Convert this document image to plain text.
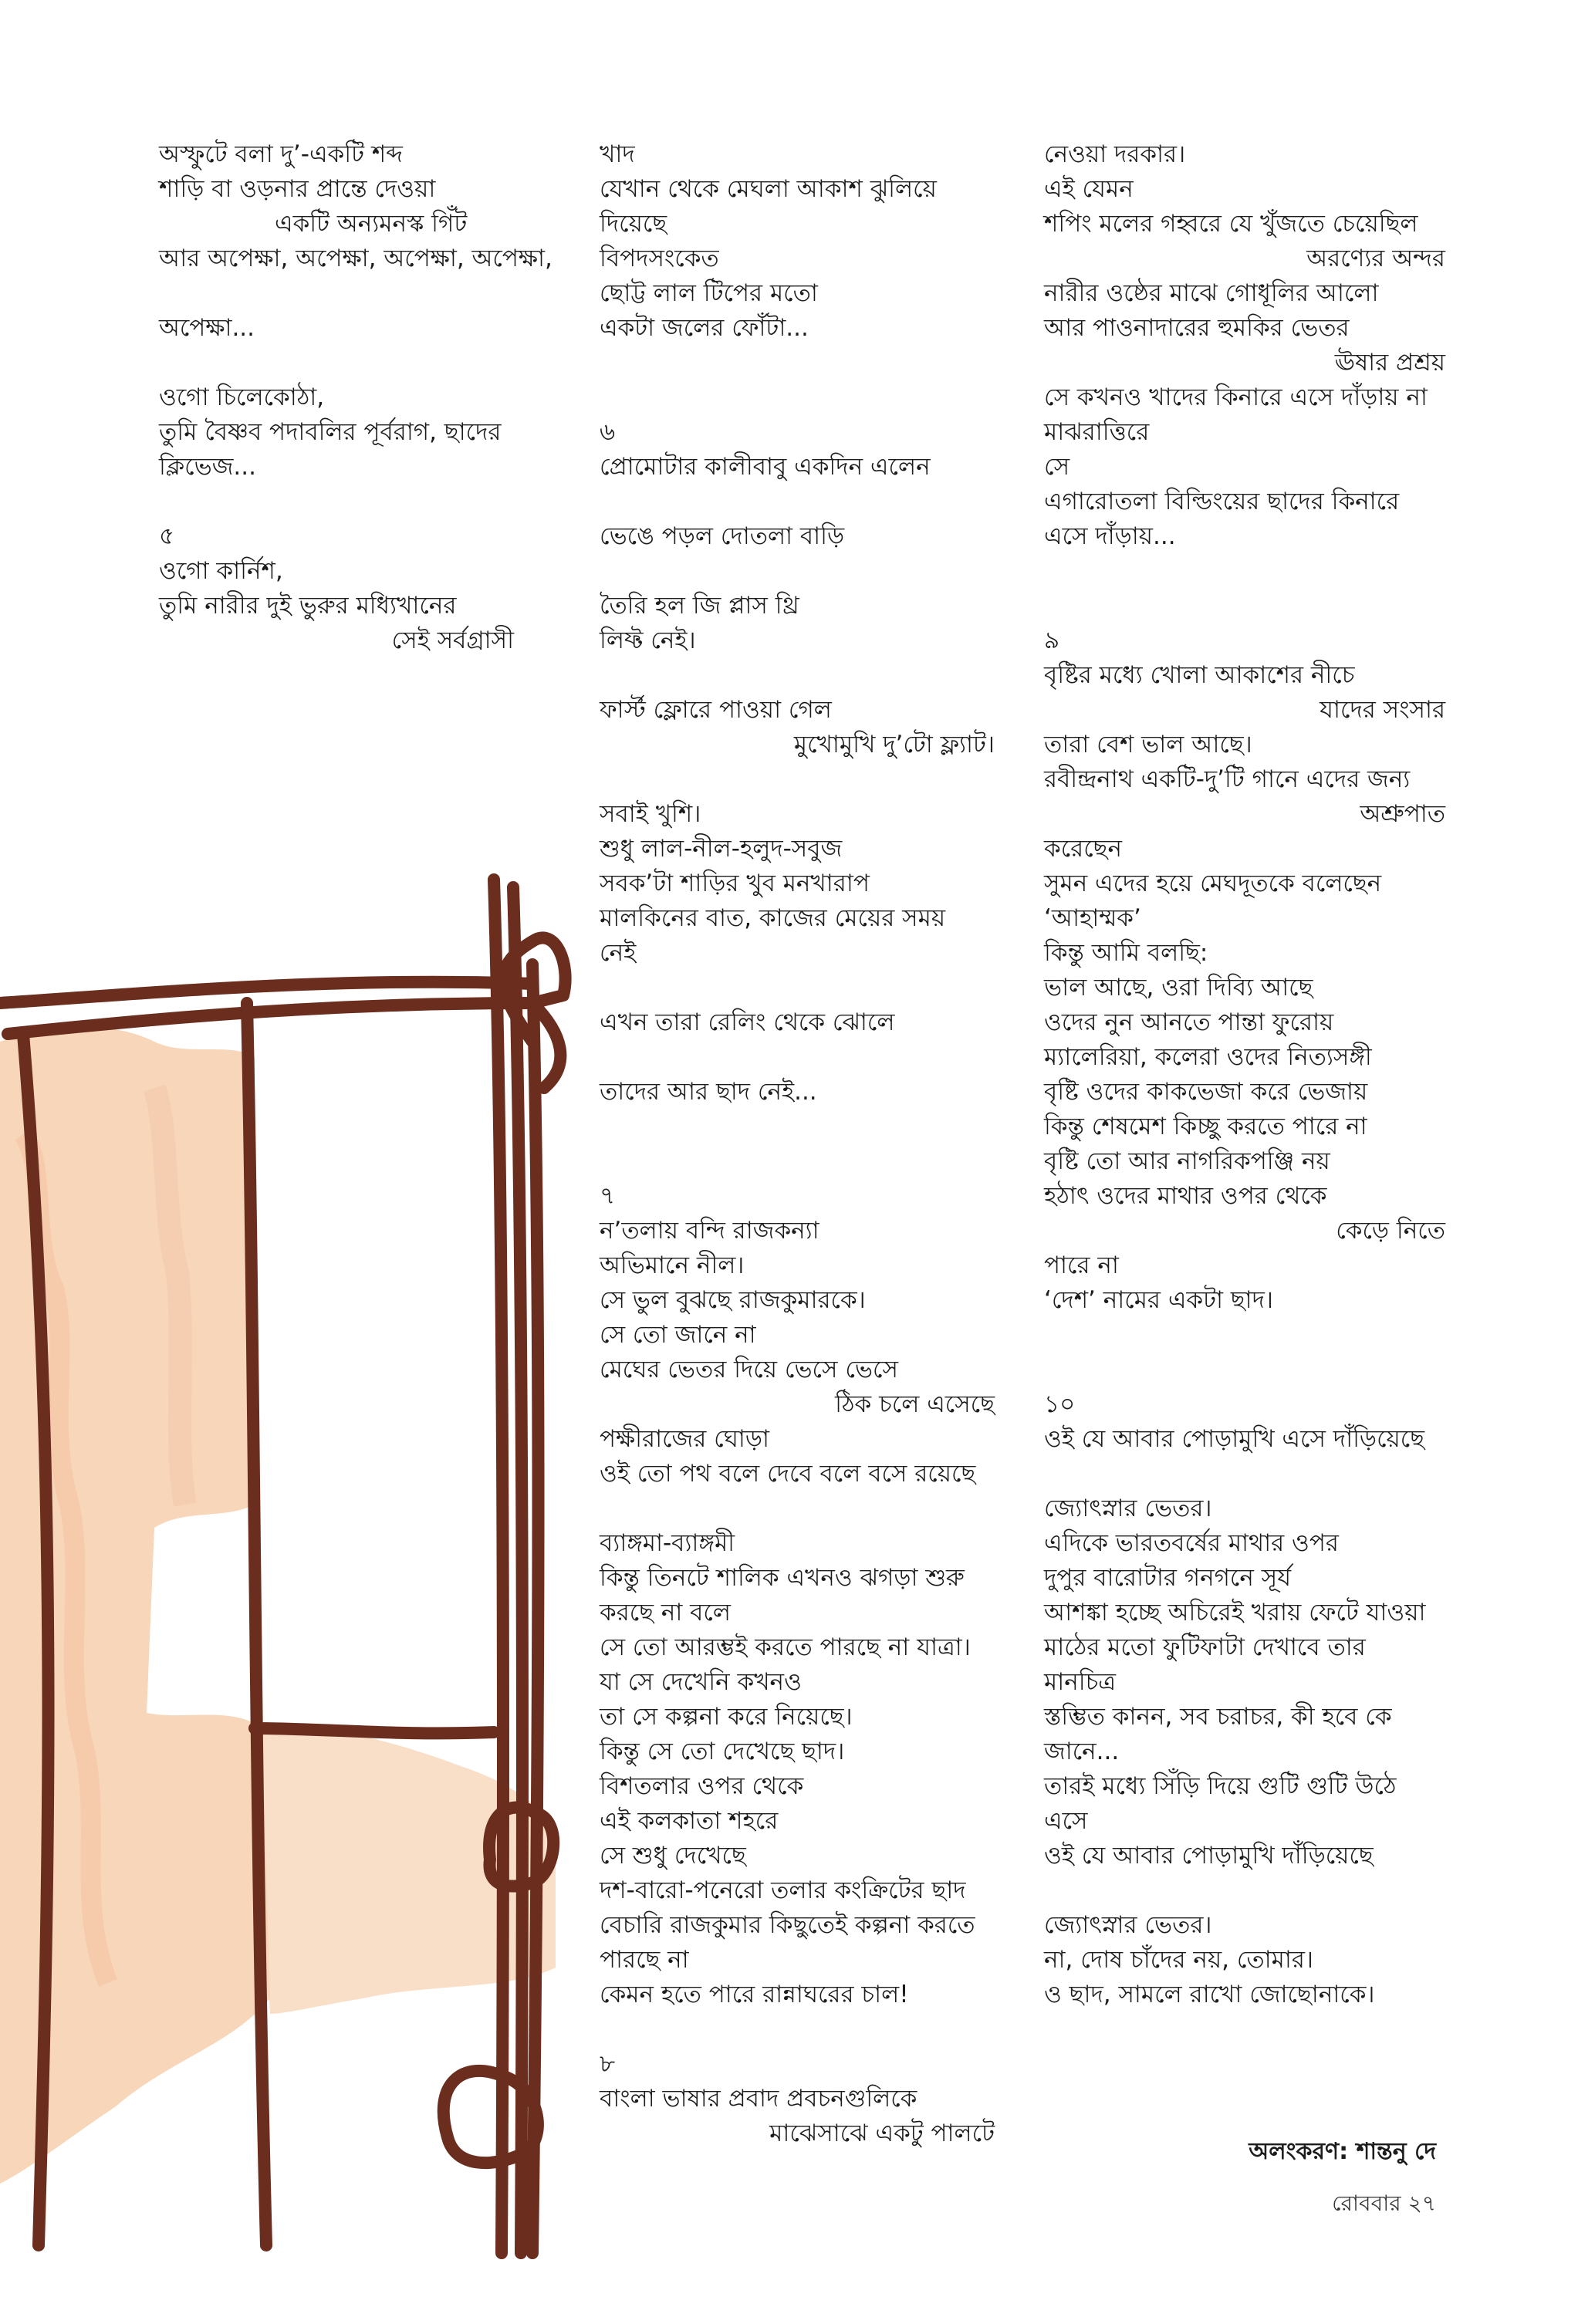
অস্ফুটে বলা দু’-একটি শব্দ
শাড়ি বা ওড়নার প্রান্তে দেওয়া
একটি অন্যমনস্ক গিঁট
আর অপেক্ষা, অপেক্ষা, অপেক্ষা, অপেক্ষা,
অপেক্ষা...
ওগো চিলেকোঠা,
তুমি বৈষ্ণব পদাবলির পূর্বরাগ, ছাদের
ক্লিভেজ...
৫
ওগো কার্নিশ,
তুমি নারীর দুই ভুরুর মধ্যিখানের
সেই সর্বগ্রাসী
খাদ
যেখান থেকে মেঘলা আকাশ ঝুলিয়ে
দিয়েছে
বিপদসংকেত
ছোট্ট লাল টিপের মতো
একটা জলের ফোঁটা...
৬
প্রোমোটার কালীবাবু একদিন এলেন
ভেঙে পড়ল দোতলা বাড়ি
তৈরি হল জি প্লাস থ্রি
লিফ্ট নেই।
ফার্স্ট ফ্লোরে পাওয়া গেল
মুখোমুখি দু’টো ফ্ল্যাট।
সবাই খুশি।
শুধু লাল-নীল-হলুদ-সবুজ
সবক’টা শাড়ির খুব মনখারাপ
মালকিনের বাত, কাজের মেয়ের সময়
নেই
এখন তারা রেলিং থেকে ঝোলে
তাদের আর ছাদ নেই...
৭
ন’তলায় বন্দি রাজকন্যা
অভিমানে নীল।
সে ভুল বুঝছে রাজকুমারকে।
সে তো জানে না
মেঘের ভেতর দিয়ে ভেসে ভেসে
ঠিক চলে এসেছে
পক্ষীরাজের ঘোড়া
ওই তো পথ বলে দেবে বলে বসে রয়েছে
ব্যাঙ্গমা-ব্যাঙ্গমী
কিন্তু তিনটে শালিক এখনও ঝগড়া শুরু
করছে না বলে
সে তো আরম্ভই করতে পারছে না যাত্রা।
যা সে দেখেনি কখনও
তা সে কল্পনা করে নিয়েছে।
কিন্তু সে তো দেখেছে ছাদ।
বিশতলার ওপর থেকে
এই কলকাতা শহরে
সে শুধু দেখেছে
দশ-বারো-পনেরো তলার কংক্রিটের ছাদ
বেচারি রাজকুমার কিছুতেই কল্পনা করতে
পারছে না
কেমন হতে পারে রান্নাঘরের চাল!
৮
বাংলা ভাষার প্রবাদ প্রবচনগুলিকে
মাঝেসাঝে একটু পালটে
নেওয়া দরকার।
এই যেমন
শপিং মলের গহ্বরে যে খুঁজতে চেয়েছিল
অরণ্যের অন্দর
নারীর ওষ্ঠের মাঝে গোধূলির আলো
আর পাওনাদারের হুমকির ভেতর
ঊষার প্রশ্রয়
সে কখনও খাদের কিনারে এসে দাঁড়ায় না
মাঝরাত্তিরে
সে
এগারোতলা বিল্ডিংয়ের ছাদের কিনারে
এসে দাঁড়ায়...
৯
বৃষ্টির মধ্যে খোলা আকাশের নীচে
যাদের সংসার
তারা বেশ ভাল আছে।
রবীন্দ্রনাথ একটি-দু’টি গানে এদের জন্য
অশ্রুপাত
করেছেন
সুমন এদের হয়ে মেঘদূতকে বলেছেন
‘আহাম্মক’
কিন্তু আমি বলছি:
ভাল আছে, ওরা দিব্যি আছে
ওদের নুন আনতে পান্তা ফুরোয়
ম্যালেরিয়া, কলেরা ওদের নিত্যসঙ্গী
বৃষ্টি ওদের কাকভেজা করে ভেজায়
কিন্তু শেষমেশ কিচ্ছু করতে পারে না
বৃষ্টি তো আর নাগরিকপঞ্জি নয়
হঠাৎ ওদের মাথার ওপর থেকে
কেড়ে নিতে
পারে না
‘দেশ’ নামের একটা ছাদ।
১০
ওই যে আবার পোড়ামুখি এসে দাঁড়িয়েছে
জ্যোৎস্নার ভেতর।
এদিকে ভারতবর্ষের মাথার ওপর
দুপুর বারোটার গনগনে সূর্য
আশঙ্কা হচ্ছে অচিরেই খরায় ফেটে যাওয়া
মাঠের মতো ফুটিফাটা দেখাবে তার
মানচিত্র
স্তম্ভিত কানন, সব চরাচর, কী হবে কে
জানে...
তারই মধ্যে সিঁড়ি দিয়ে গুটি গুটি উঠে
এসে
ওই যে আবার পোড়ামুখি দাঁড়িয়েছে
জ্যোৎস্নার ভেতর।
না, দোষ চাঁদের নয়, তোমার।
ও ছাদ, সামলে রাখো জোছোনাকে।
অলংকরণ: শান্তনু দে
রোববার ২৭
